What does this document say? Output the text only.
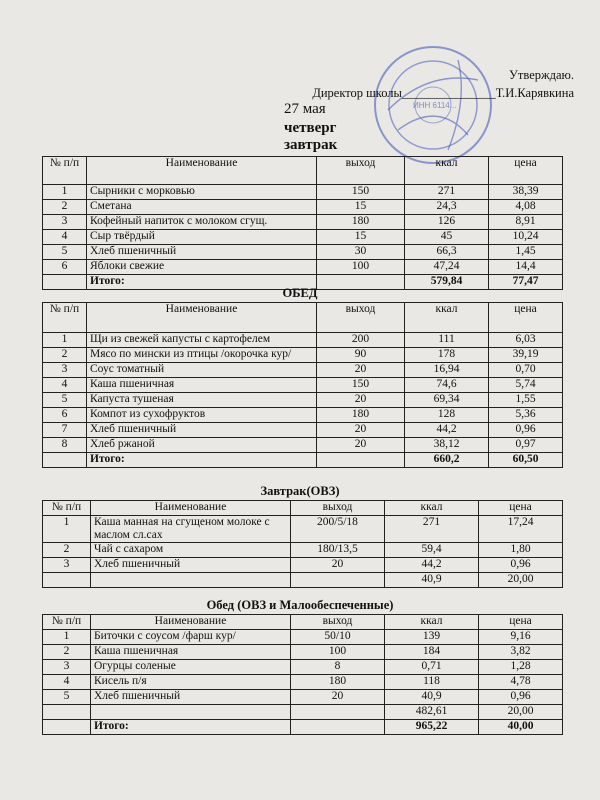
ИНН 6114...
Утверждаю.
Директор школы_______________Т.И.Карявкина
27 мая
четверг
завтрак
№ п/п	Наименование	выход	ккал	цена
1	Сырники с морковью	150	271	38,39
2	Сметана	15	24,3	4,08
3	Кофейный напиток с молоком сгущ.	180	126	8,91
4	Сыр твёрдый	15	45	10,24
5	Хлеб пшеничный	30	66,3	1,45
6	Яблоки свежие	100	47,24	14,4
	Итого:		579,84	77,47
ОБЕД
№ п/п	Наименование	выход	ккал	цена
1	Щи из свежей капусты с картофелем	200	111	6,03
2	Мясо по мински из птицы /окорочка кур/	90	178	39,19
3	Соус томатный	20	16,94	0,70
4	Каша пшеничная	150	74,6	5,74
5	Капуста тушеная	20	69,34	1,55
6	Компот из сухофруктов	180	128	5,36
7	Хлеб пшеничный	20	44,2	0,96
8	Хлеб ржаной	20	38,12	0,97
	Итого:		660,2	60,50
Завтрак(ОВЗ)
№ п/п	Наименование	выход	ккал	цена
1	Каша манная на сгущеном молоке с маслом сл.сах	200/5/18	271	17,24
2	Чай с сахаром	180/13,5	59,4	1,80
3	Хлеб пшеничный	20	44,2	0,96
			40,9	20,00
Обед (ОВЗ и Малообеспеченные)
№ п/п	Наименование	выход	ккал	цена
1	Биточки с соусом /фарш кур/	50/10	139	9,16
2	Каша пшеничная	100	184	3,82
3	Огурцы соленые	8	0,71	1,28
4	Кисель п/я	180	118	4,78
5	Хлеб пшеничный	20	40,9	0,96
			482,61	20,00
	Итого:		965,22	40,00
